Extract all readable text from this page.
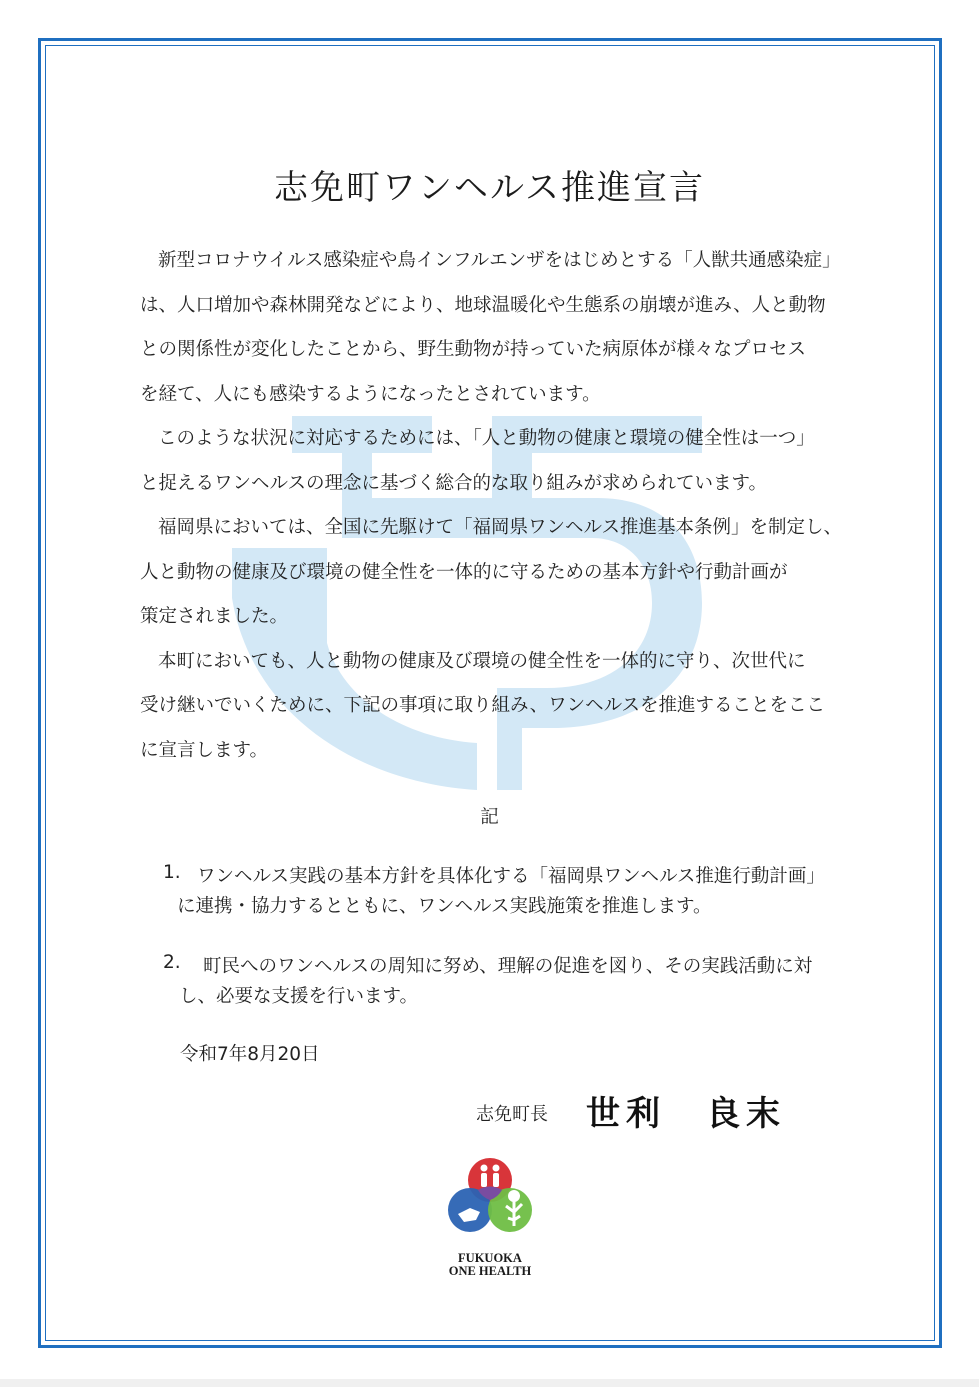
志免町ワンヘルス推進宣言
新型コロナウイルス感染症や鳥インフルエンザをはじめとする「人獣共通感染症」
は、人口増加や森林開発などにより、地球温暖化や生態系の崩壊が進み、人と動物
との関係性が変化したことから、野生動物が持っていた病原体が様々なプロセス
を経て、人にも感染するようになったとされています。
このような状況に対応するためには、「人と動物の健康と環境の健全性は一つ」
と捉えるワンヘルスの理念に基づく総合的な取り組みが求められています。
福岡県においては、全国に先駆けて「福岡県ワンヘルス推進基本条例」を制定し、
人と動物の健康及び環境の健全性を一体的に守るための基本方針や行動計画が
策定されました。
本町においても、人と動物の健康及び環境の健全性を一体的に守り、次世代に
受け継いでいくために、下記の事項に取り組み、ワンヘルスを推進することをここ
に宣言します。
記
1. ワンヘルス実践の基本方針を具体化する「福岡県ワンヘルス推進行動計画」
に連携・協力するとともに、ワンヘルス実践施策を推進します。
2. 町民へのワンヘルスの周知に努め、理解の促進を図り、その実践活動に対
し、必要な支援を行います。
令和7年8月20日
志免町長 世利　良末
FUKUOKA
ONE HEALTH
